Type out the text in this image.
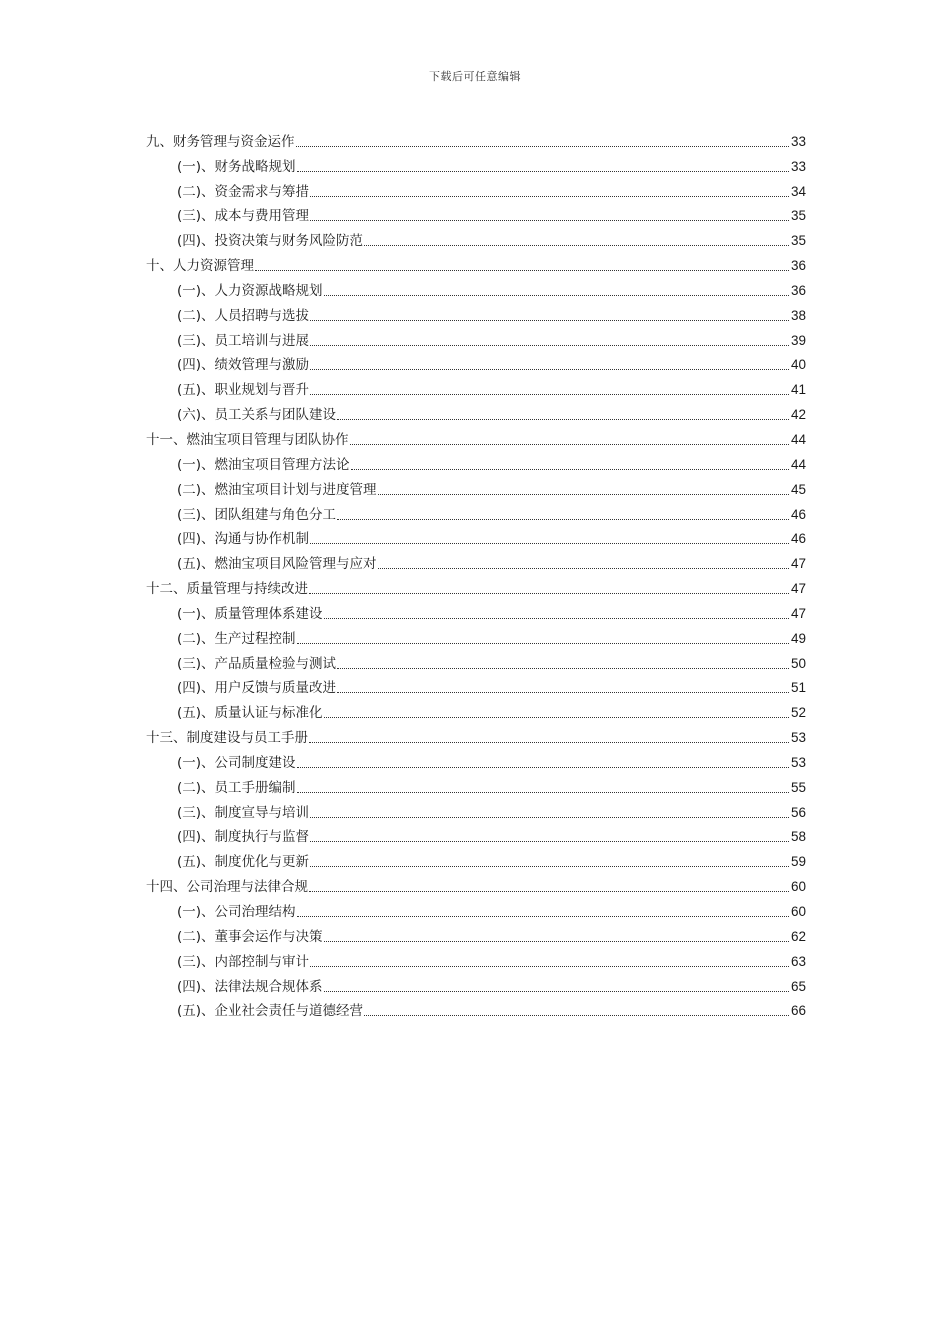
下载后可任意编辑
九、财务管理与资金运作	33
(一)、财务战略规划	33
(二)、资金需求与筹措	34
(三)、成本与费用管理	35
(四)、投资决策与财务风险防范	35
十、人力资源管理	36
(一)、人力资源战略规划	36
(二)、人员招聘与选拔	38
(三)、员工培训与进展	39
(四)、绩效管理与激励	40
(五)、职业规划与晋升	41
(六)、员工关系与团队建设	42
十一、燃油宝项目管理与团队协作	44
(一)、燃油宝项目管理方法论	44
(二)、燃油宝项目计划与进度管理	45
(三)、团队组建与角色分工	46
(四)、沟通与协作机制	46
(五)、燃油宝项目风险管理与应对	47
十二、质量管理与持续改进	47
(一)、质量管理体系建设	47
(二)、生产过程控制	49
(三)、产品质量检验与测试	50
(四)、用户反馈与质量改进	51
(五)、质量认证与标准化	52
十三、制度建设与员工手册	53
(一)、公司制度建设	53
(二)、员工手册编制	55
(三)、制度宣导与培训	56
(四)、制度执行与监督	58
(五)、制度优化与更新	59
十四、公司治理与法律合规	60
(一)、公司治理结构	60
(二)、董事会运作与决策	62
(三)、内部控制与审计	63
(四)、法律法规合规体系	65
(五)、企业社会责任与道德经营	66
